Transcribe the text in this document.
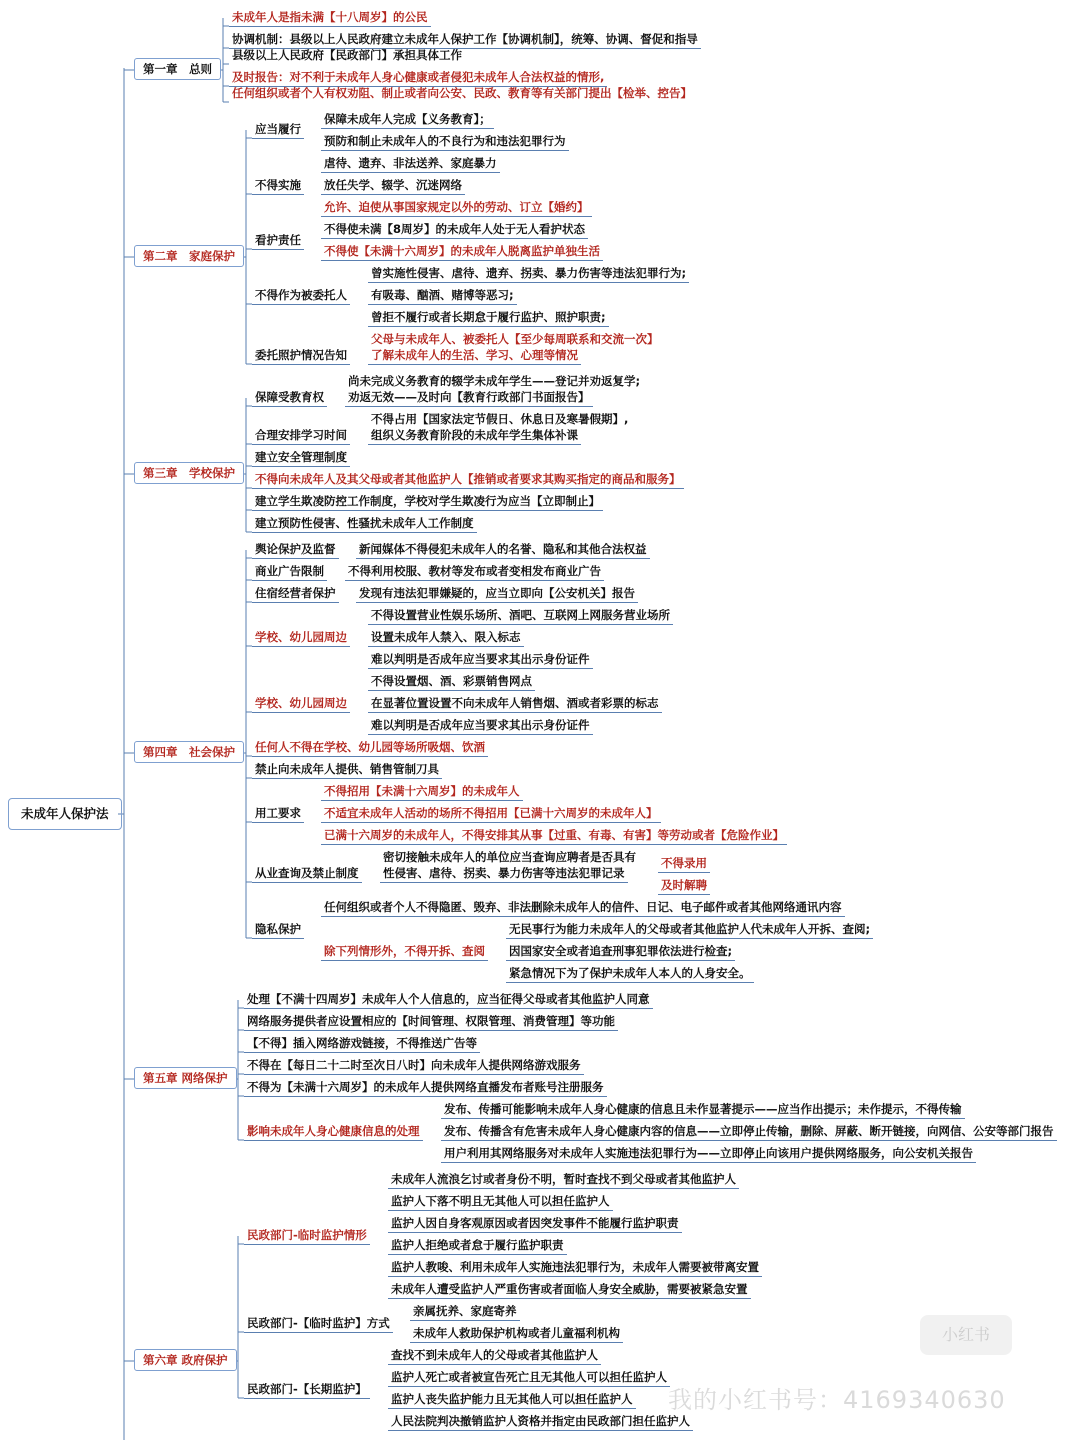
未成年人保护法
第一章　总则
未成年人是指未满【十八周岁】的公民
协调机制：县级以上人民政府建立未成年人保护工作【协调机制】，统筹、协调、督促和指导
县级以上人民政府【民政部门】承担具体工作
及时报告：对不利于未成年人身心健康或者侵犯未成年人合法权益的情形,
任何组织或者个人有权劝阻、制止或者向公安、民政、教育等有关部门提出【检举、控告】
第二章　家庭保护
应当履行
保障未成年人完成【义务教育】；
预防和制止未成年人的不良行为和违法犯罪行为
不得实施
虐待、遗弃、非法送养、家庭暴力
放任失学、辍学、沉迷网络
允许、迫使从事国家规定以外的劳动、订立【婚约】
看护责任
不得使未满【8周岁】的未成年人处于无人看护状态
不得使【未满十六周岁】的未成年人脱离监护单独生活
不得作为被委托人
曾实施性侵害、虐待、遗弃、拐卖、暴力伤害等违法犯罪行为;
有吸毒、酗酒、赌博等恶习;
曾拒不履行或者长期怠于履行监护、照护职责;
委托照护情况告知
父母与未成年人、被委托人【至少每周联系和交流一次】
了解未成年人的生活、学习、心理等情况
第三章　学校保护
保障受教育权
尚未完成义务教育的辍学未成年学生——登记并劝返复学;
劝返无效——及时向【教育行政部门书面报告】
合理安排学习时间
不得占用【国家法定节假日、休息日及寒暑假期】,
组织义务教育阶段的未成年学生集体补课
建立安全管理制度
不得向未成年人及其父母或者其他监护人【推销或者要求其购买指定的商品和服务】
建立学生欺凌防控工作制度，学校对学生欺凌行为应当【立即制止】
建立预防性侵害、性骚扰未成年人工作制度
第四章　社会保护
舆论保护及监督 新闻媒体不得侵犯未成年人的名誉、隐私和其他合法权益
商业广告限制 不得利用校服、教材等发布或者变相发布商业广告
住宿经营者保护 发现有违法犯罪嫌疑的，应当立即向【公安机关】报告
学校、幼儿园周边
不得设置营业性娱乐场所、酒吧、互联网上网服务营业场所
设置未成年人禁入、限入标志
难以判明是否成年应当要求其出示身份证件
学校、幼儿园周边
不得设置烟、酒、彩票销售网点
在显著位置设置不向未成年人销售烟、酒或者彩票的标志
难以判明是否成年应当要求其出示身份证件
任何人不得在学校、幼儿园等场所吸烟、饮酒
禁止向未成年人提供、销售管制刀具
用工要求
不得招用【未满十六周岁】的未成年人
不适宜未成年人活动的场所不得招用【已满十六周岁的未成年人】
已满十六周岁的未成年人，不得安排其从事【过重、有毒、有害】等劳动或者【危险作业】
从业查询及禁止制度
密切接触未成年人的单位应当查询应聘者是否具有
性侵害、虐待、拐卖、暴力伤害等违法犯罪记录
不得录用
及时解聘
隐私保护
任何组织或者个人不得隐匿、毁弃、非法删除未成年人的信件、日记、电子邮件或者其他网络通讯内容
除下列情形外，不得开拆、查阅
无民事行为能力未成年人的父母或者其他监护人代未成年人开拆、查阅;
因国家安全或者追查刑事犯罪依法进行检查;
紧急情况下为了保护未成年人本人的人身安全。
第五章 网络保护
处理【不满十四周岁】未成年人个人信息的，应当征得父母或者其他监护人同意
网络服务提供者应设置相应的【时间管理、权限管理、消费管理】等功能
【不得】插入网络游戏链接，不得推送广告等
不得在【每日二十二时至次日八时】向未成年人提供网络游戏服务
不得为【未满十六周岁】的未成年人提供网络直播发布者账号注册服务
影响未成年人身心健康信息的处理
发布、传播可能影响未成年人身心健康的信息且未作显著提示——应当作出提示；未作提示，不得传输
发布、传播含有危害未成年人身心健康内容的信息——立即停止传输，删除、屏蔽、断开链接，向网信、公安等部门报告
用户利用其网络服务对未成年人实施违法犯罪行为——立即停止向该用户提供网络服务，向公安机关报告
第六章 政府保护
民政部门-临时监护情形
未成年人流浪乞讨或者身份不明，暂时查找不到父母或者其他监护人
监护人下落不明且无其他人可以担任监护人
监护人因自身客观原因或者因突发事件不能履行监护职责
监护人拒绝或者怠于履行监护职责
监护人教唆、利用未成年人实施违法犯罪行为，未成年人需要被带离安置
未成年人遭受监护人严重伤害或者面临人身安全威胁，需要被紧急安置
民政部门-【临时监护】方式
亲属抚养、家庭寄养
未成年人救助保护机构或者儿童福利机构
民政部门-【长期监护】
查找不到未成年人的父母或者其他监护人
监护人死亡或者被宣告死亡且无其他人可以担任监护人
监护人丧失监护能力且无其他人可以担任监护人
人民法院判决撤销监护人资格并指定由民政部门担任监护人
小红书
我的小红书号：4169340630
